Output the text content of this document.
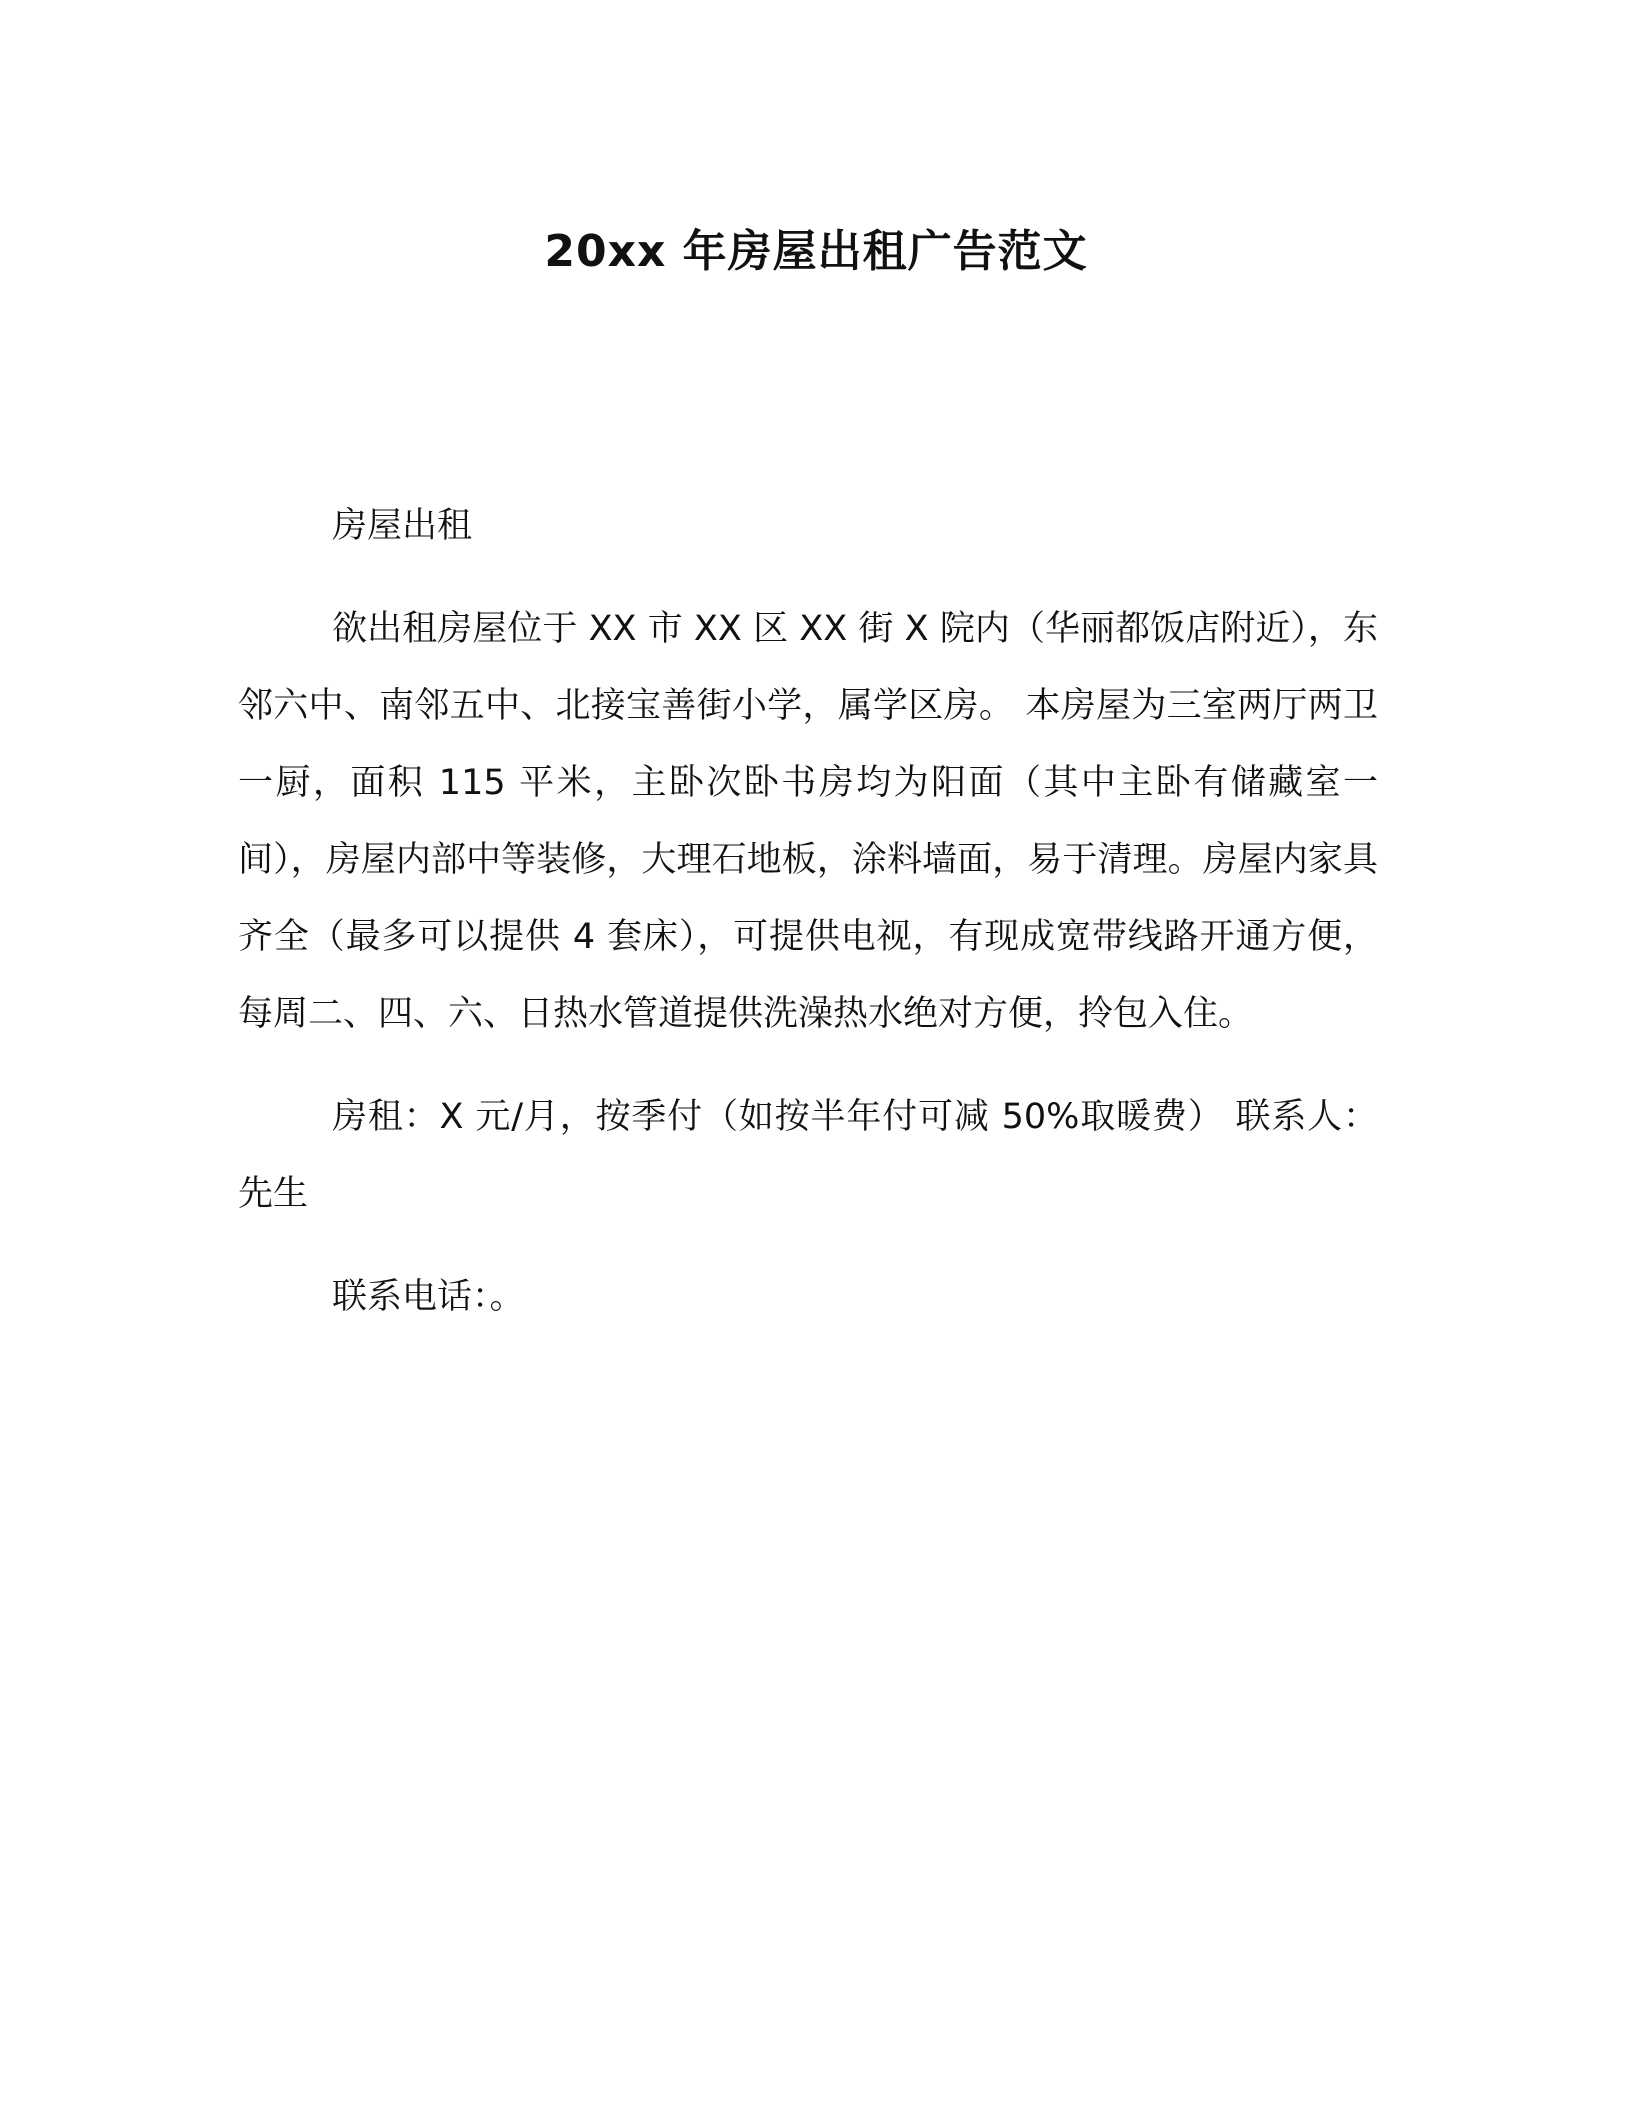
20xx 年房屋出租广告范文

房屋出租

欲出租房屋位于 XX 市 XX 区 XX 街 X 院内（华丽都饭店附近），东邻六中、南邻五中、北接宝善街小学，属学区房。 本房屋为三室两厅两卫一厨，面积 115 平米，主卧次卧书房均为阳面（其中主卧有储藏室一间），房屋内部中等装修，大理石地板，涂料墙面，易于清理。房屋内家具齐全（最多可以提供 4 套床），可提供电视，有现成宽带线路开通方便，每周二、四、六、日热水管道提供洗澡热水绝对方便，拎包入住。

房租：X 元/月，按季付（如按半年付可减 50%取暖费） 联系人：先生

联系电话：。
